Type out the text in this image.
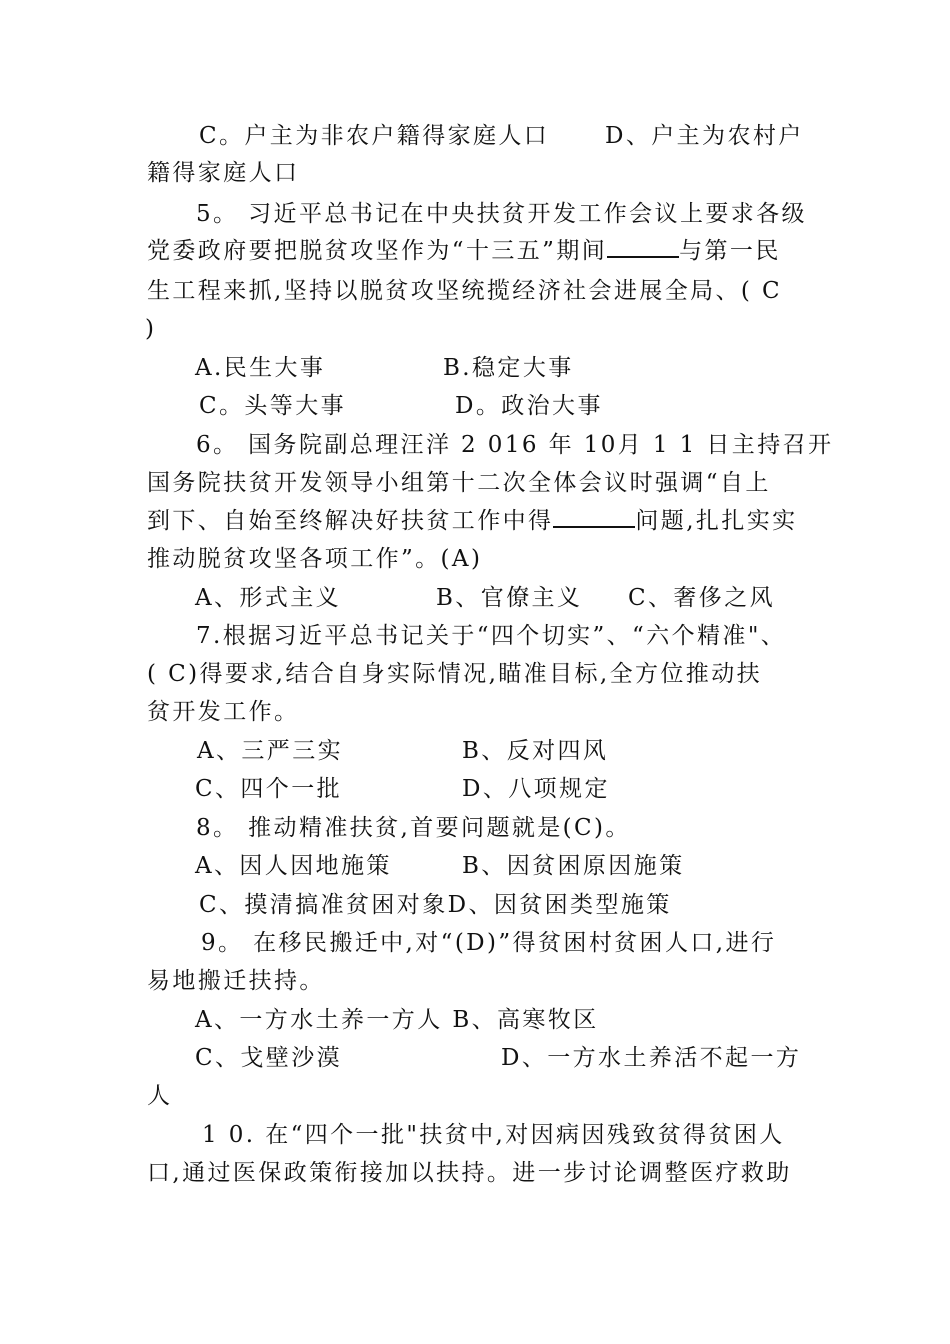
C。户主为非农户籍得家庭人口 D、户主为农村户
籍得家庭人口
5。 习近平总书记在中央扶贫开发工作会议上要求各级
党委政府要把脱贫攻坚作为“十三五”期间	与第一民
生工程来抓,坚持以脱贫攻坚统揽经济社会进展全局、( C
)
A.民生大事	B.稳定大事
C。头等大事	D。政治大事
6。 国务院副总理汪洋 2 016 年 10月 1 1 日主持召开
国务院扶贫开发领导小组第十二次全体会议时强调“自上
到下、自始至终解决好扶贫工作中得	问题,扎扎实实
推动脱贫攻坚各项工作”。(A)
A、形式主义	B、官僚主义 C、奢侈之风
7.根据习近平总书记关于“四个切实”、“六个精准"、
( C)得要求,结合自身实际情况,瞄准目标,全方位推动扶
贫开发工作。
A、三严三实	B、反对四风
C、四个一批	D、八项规定
8。 推动精准扶贫,首要问题就是(C)。
A、因人因地施策	B、因贫困原因施策
C、摸清搞准贫困对象D、因贫困类型施策
9。 在移民搬迁中,对“(D)”得贫困村贫困人口,进行
易地搬迁扶持。
A、一方水土养一方人 B、高寒牧区
C、戈壁沙漠	D、一方水土养活不起一方
人
1 0. 在“四个一批"扶贫中,对因病因残致贫得贫困人
口,通过医保政策衔接加以扶持。进一步讨论调整医疗救助
